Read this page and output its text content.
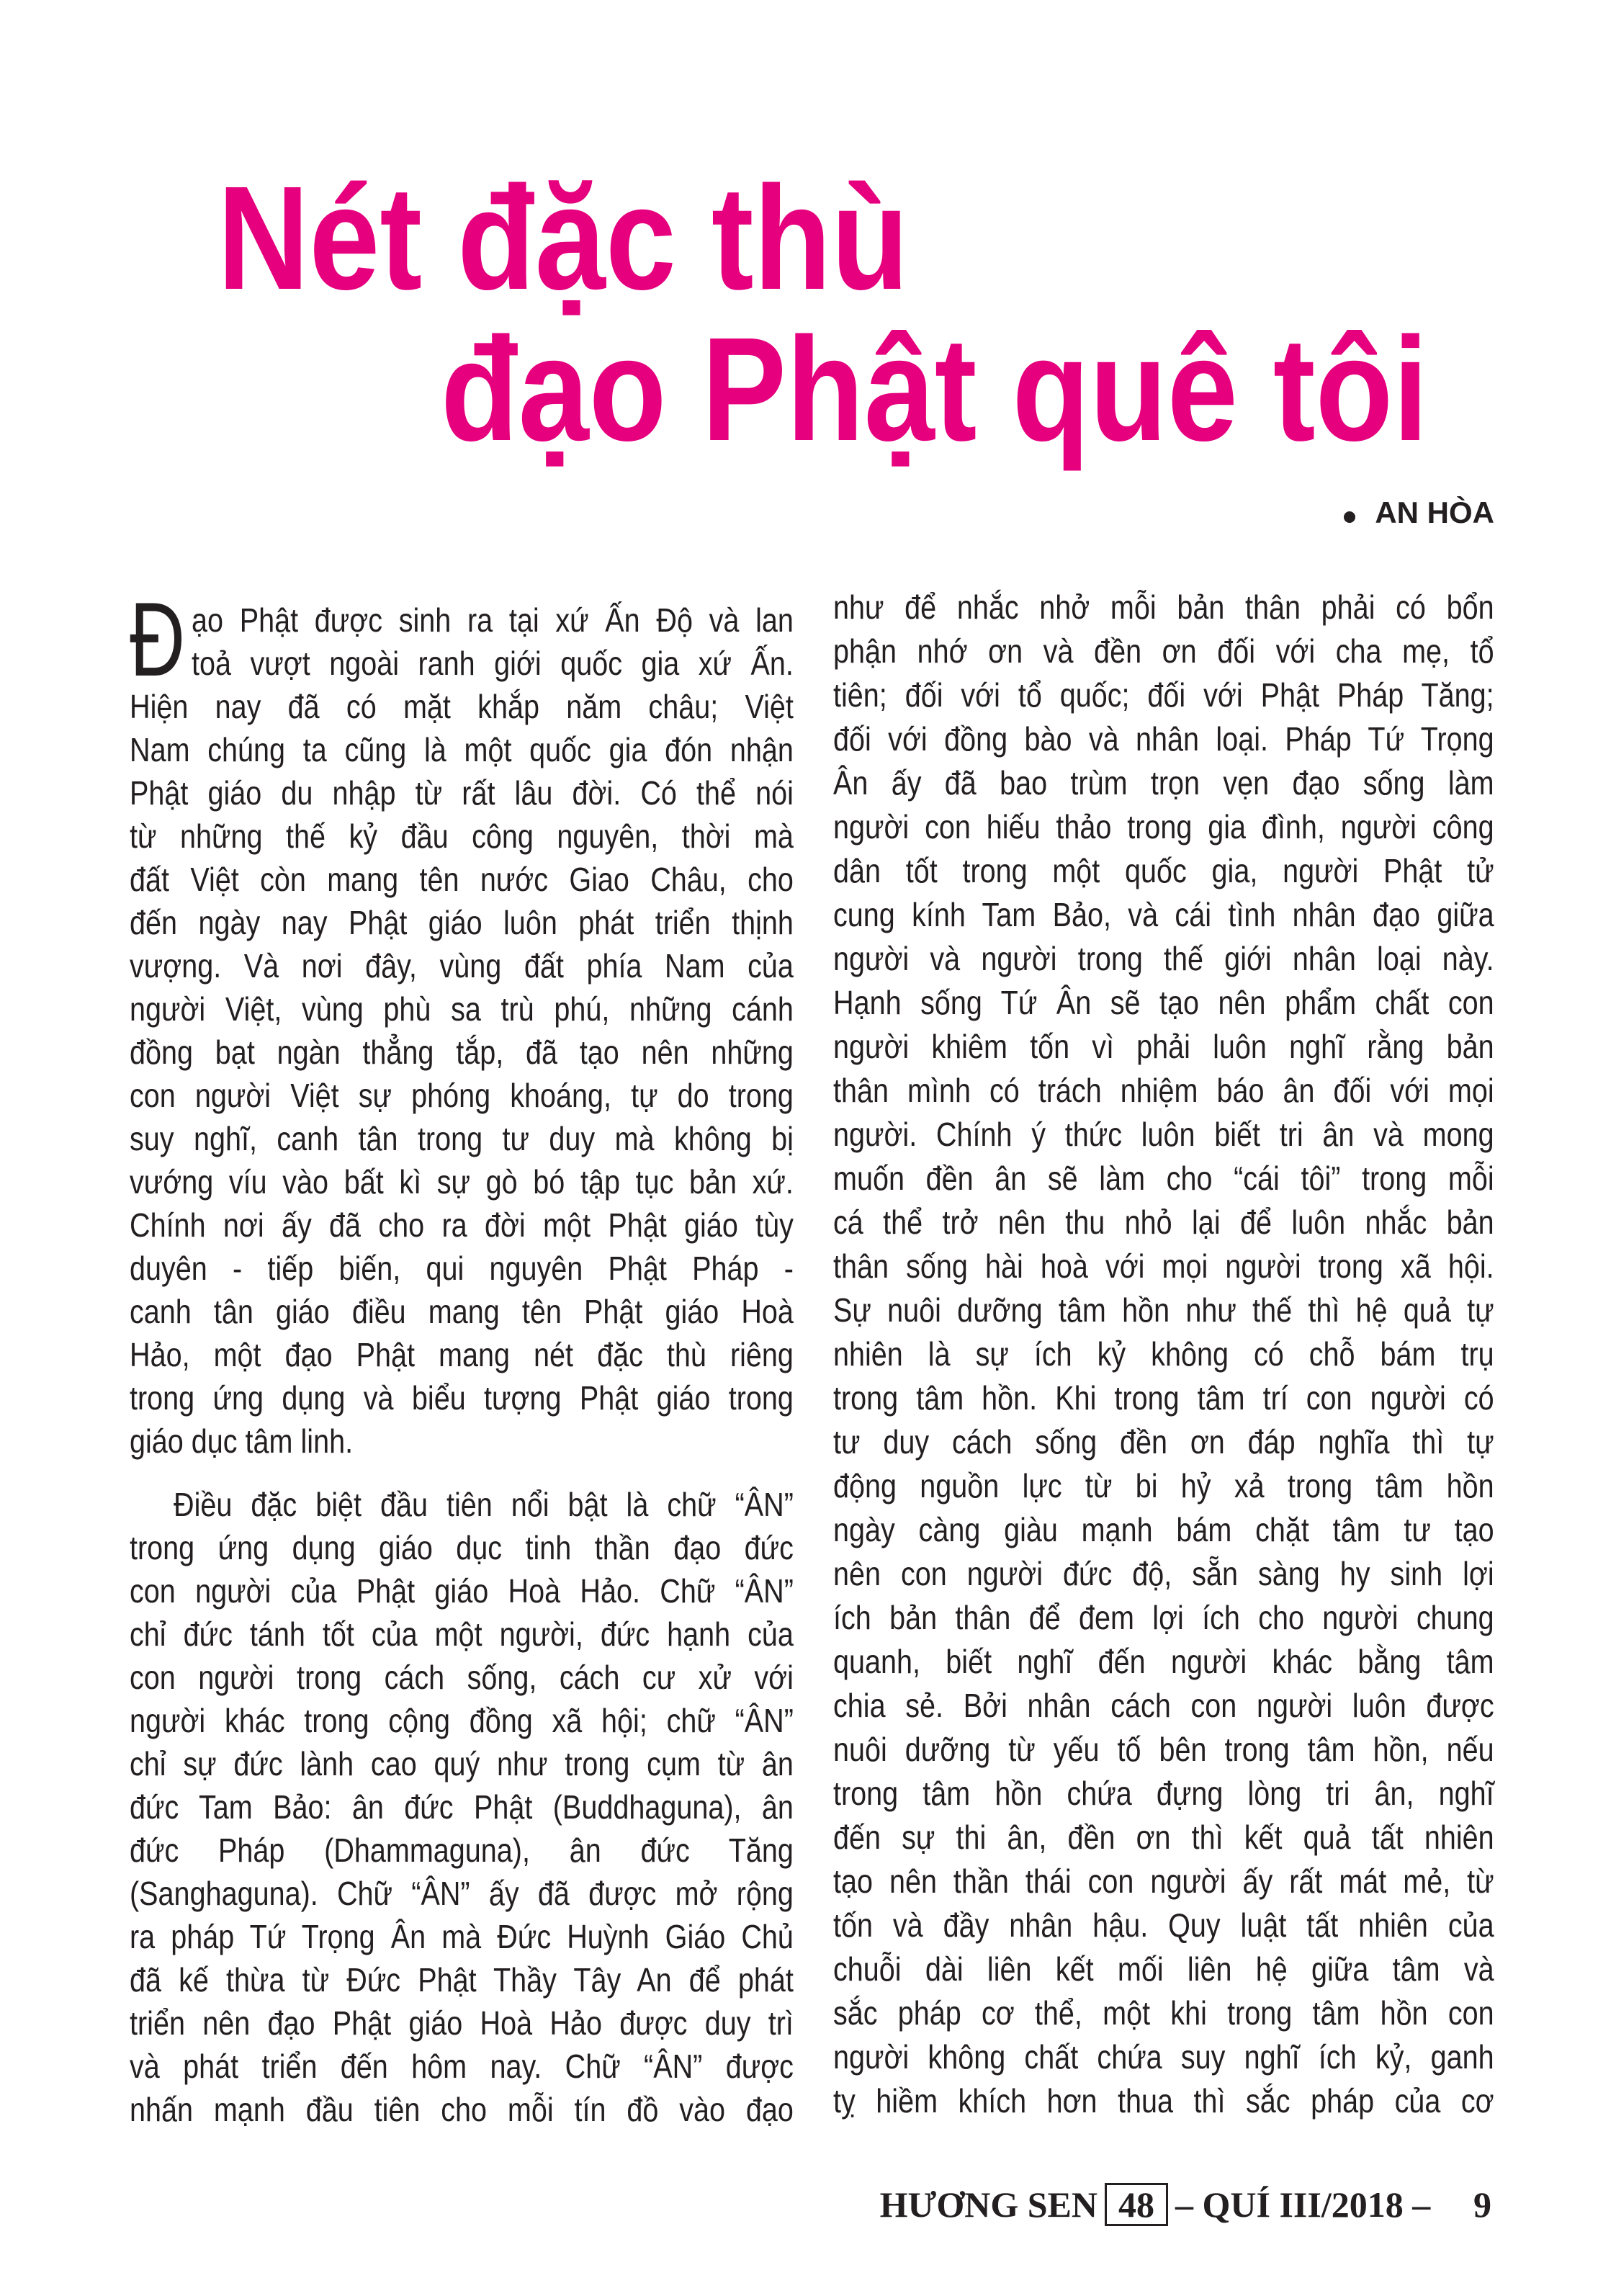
Nét đặc thù
đạo Phật quê tôi
AN HÒA
Đ ạo Phật được sinh ra tại xứ Ấn Độ và lan
toả vượt ngoài ranh giới quốc gia xứ Ấn.
Hiện nay đã có mặt khắp năm châu; Việt
Nam chúng ta cũng là một quốc gia đón nhận
Phật giáo du nhập từ rất lâu đời. Có thể nói
từ những thế kỷ đầu công nguyên, thời mà
đất Việt còn mang tên nước Giao Châu, cho
đến ngày nay Phật giáo luôn phát triển thịnh
vượng. Và nơi đây, vùng đất phía Nam của
người Việt, vùng phù sa trù phú, những cánh
đồng bạt ngàn thẳng tắp, đã tạo nên những
con người Việt sự phóng khoáng, tự do trong
suy nghĩ, canh tân trong tư duy mà không bị
vướng víu vào bất kì sự gò bó tập tục bản xứ.
Chính nơi ấy đã cho ra đời một Phật giáo tùy
duyên - tiếp biến, qui nguyên Phật Pháp -
canh tân giáo điều mang tên Phật giáo Hoà
Hảo, một đạo Phật mang nét đặc thù riêng
trong ứng dụng và biểu tượng Phật giáo trong
giáo dục tâm linh.
Điều đặc biệt đầu tiên nổi bật là chữ “ÂN”
trong ứng dụng giáo dục tinh thần đạo đức
con người của Phật giáo Hoà Hảo. Chữ “ÂN”
chỉ đức tánh tốt của một người, đức hạnh của
con người trong cách sống, cách cư xử với
người khác trong cộng đồng xã hội; chữ “ÂN”
chỉ sự đức lành cao quý như trong cụm từ ân
đức Tam Bảo: ân đức Phật (Buddhaguna), ân
đức Pháp (Dhammaguna), ân đức Tăng
(Sanghaguna). Chữ “ÂN” ấy đã được mở rộng
ra pháp Tứ Trọng Ân mà Đức Huỳnh Giáo Chủ
đã kế thừa từ Đức Phật Thầy Tây An để phát
triển nên đạo Phật giáo Hoà Hảo được duy trì
và phát triển đến hôm nay. Chữ “ÂN” được
nhấn mạnh đầu tiên cho mỗi tín đồ vào đạo
như để nhắc nhở mỗi bản thân phải có bổn
phận nhớ ơn và đền ơn đối với cha mẹ, tổ
tiên; đối với tổ quốc; đối với Phật Pháp Tăng;
đối với đồng bào và nhân loại. Pháp Tứ Trọng
Ân ấy đã bao trùm trọn vẹn đạo sống làm
người con hiếu thảo trong gia đình, người công
dân tốt trong một quốc gia, người Phật tử
cung kính Tam Bảo, và cái tình nhân đạo giữa
người và người trong thế giới nhân loại này.
Hạnh sống Tứ Ân sẽ tạo nên phẩm chất con
người khiêm tốn vì phải luôn nghĩ rằng bản
thân mình có trách nhiệm báo ân đối với mọi
người. Chính ý thức luôn biết tri ân và mong
muốn đền ân sẽ làm cho “cái tôi” trong mỗi
cá thể trở nên thu nhỏ lại để luôn nhắc bản
thân sống hài hoà với mọi người trong xã hội.
Sự nuôi dưỡng tâm hồn như thế thì hệ quả tự
nhiên là sự ích kỷ không có chỗ bám trụ
trong tâm hồn. Khi trong tâm trí con người có
tư duy cách sống đền ơn đáp nghĩa thì tự
động nguồn lực từ bi hỷ xả trong tâm hồn
ngày càng giàu mạnh bám chặt tâm tư tạo
nên con người đức độ, sẵn sàng hy sinh lợi
ích bản thân để đem lợi ích cho người chung
quanh, biết nghĩ đến người khác bằng tâm
chia sẻ. Bởi nhân cách con người luôn được
nuôi dưỡng từ yếu tố bên trong tâm hồn, nếu
trong tâm hồn chứa đựng lòng tri ân, nghĩ
đến sự thi ân, đền ơn thì kết quả tất nhiên
tạo nên thần thái con người ấy rất mát mẻ, từ
tốn và đầy nhân hậu. Quy luật tất nhiên của
chuỗi dài liên kết mối liên hệ giữa tâm và
sắc pháp cơ thể, một khi trong tâm hồn con
người không chất chứa suy nghĩ ích kỷ, ganh
tỵ hiềm khích hơn thua thì sắc pháp của cơ
HƯƠNG SEN 48 – QUÍ III/2018 – 9
